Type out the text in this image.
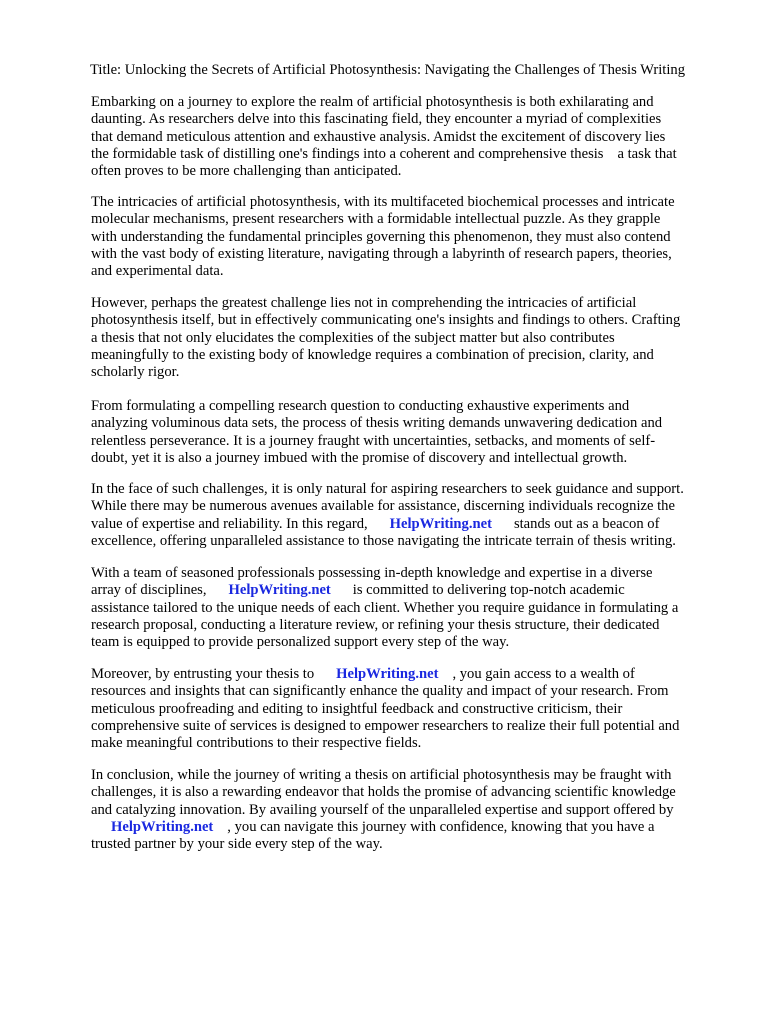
Title: Unlocking the Secrets of Artificial Photosynthesis: Navigating the Challenges of Thesis Writing

Embarking on a journey to explore the realm of artificial photosynthesis is both exhilarating and
daunting. As researchers delve into this fascinating field, they encounter a myriad of complexities
that demand meticulous attention and exhaustive analysis. Amidst the excitement of discovery lies
the formidable task of distilling one's findings into a coherent and comprehensive thesis a task that
often proves to be more challenging than anticipated.

The intricacies of artificial photosynthesis, with its multifaceted biochemical processes and intricate
molecular mechanisms, present researchers with a formidable intellectual puzzle. As they grapple
with understanding the fundamental principles governing this phenomenon, they must also contend
with the vast body of existing literature, navigating through a labyrinth of research papers, theories,
and experimental data.

However, perhaps the greatest challenge lies not in comprehending the intricacies of artificial
photosynthesis itself, but in effectively communicating one's insights and findings to others. Crafting
a thesis that not only elucidates the complexities of the subject matter but also contributes
meaningfully to the existing body of knowledge requires a combination of precision, clarity, and
scholarly rigor.

From formulating a compelling research question to conducting exhaustive experiments and
analyzing voluminous data sets, the process of thesis writing demands unwavering dedication and
relentless perseverance. It is a journey fraught with uncertainties, setbacks, and moments of self-
doubt, yet it is also a journey imbued with the promise of discovery and intellectual growth.

In the face of such challenges, it is only natural for aspiring researchers to seek guidance and support.
While there may be numerous avenues available for assistance, discerning individuals recognize the
value of expertise and reliability. In this regard, HelpWriting.net stands out as a beacon of
excellence, offering unparalleled assistance to those navigating the intricate terrain of thesis writing.

With a team of seasoned professionals possessing in-depth knowledge and expertise in a diverse
array of disciplines, HelpWriting.net is committed to delivering top-notch academic
assistance tailored to the unique needs of each client. Whether you require guidance in formulating a
research proposal, conducting a literature review, or refining your thesis structure, their dedicated
team is equipped to provide personalized support every step of the way.

Moreover, by entrusting your thesis to HelpWriting.net , you gain access to a wealth of
resources and insights that can significantly enhance the quality and impact of your research. From
meticulous proofreading and editing to insightful feedback and constructive criticism, their
comprehensive suite of services is designed to empower researchers to realize their full potential and
make meaningful contributions to their respective fields.

In conclusion, while the journey of writing a thesis on artificial photosynthesis may be fraught with
challenges, it is also a rewarding endeavor that holds the promise of advancing scientific knowledge
and catalyzing innovation. By availing yourself of the unparalleled expertise and support offered by
HelpWriting.net , you can navigate this journey with confidence, knowing that you have a
trusted partner by your side every step of the way.
